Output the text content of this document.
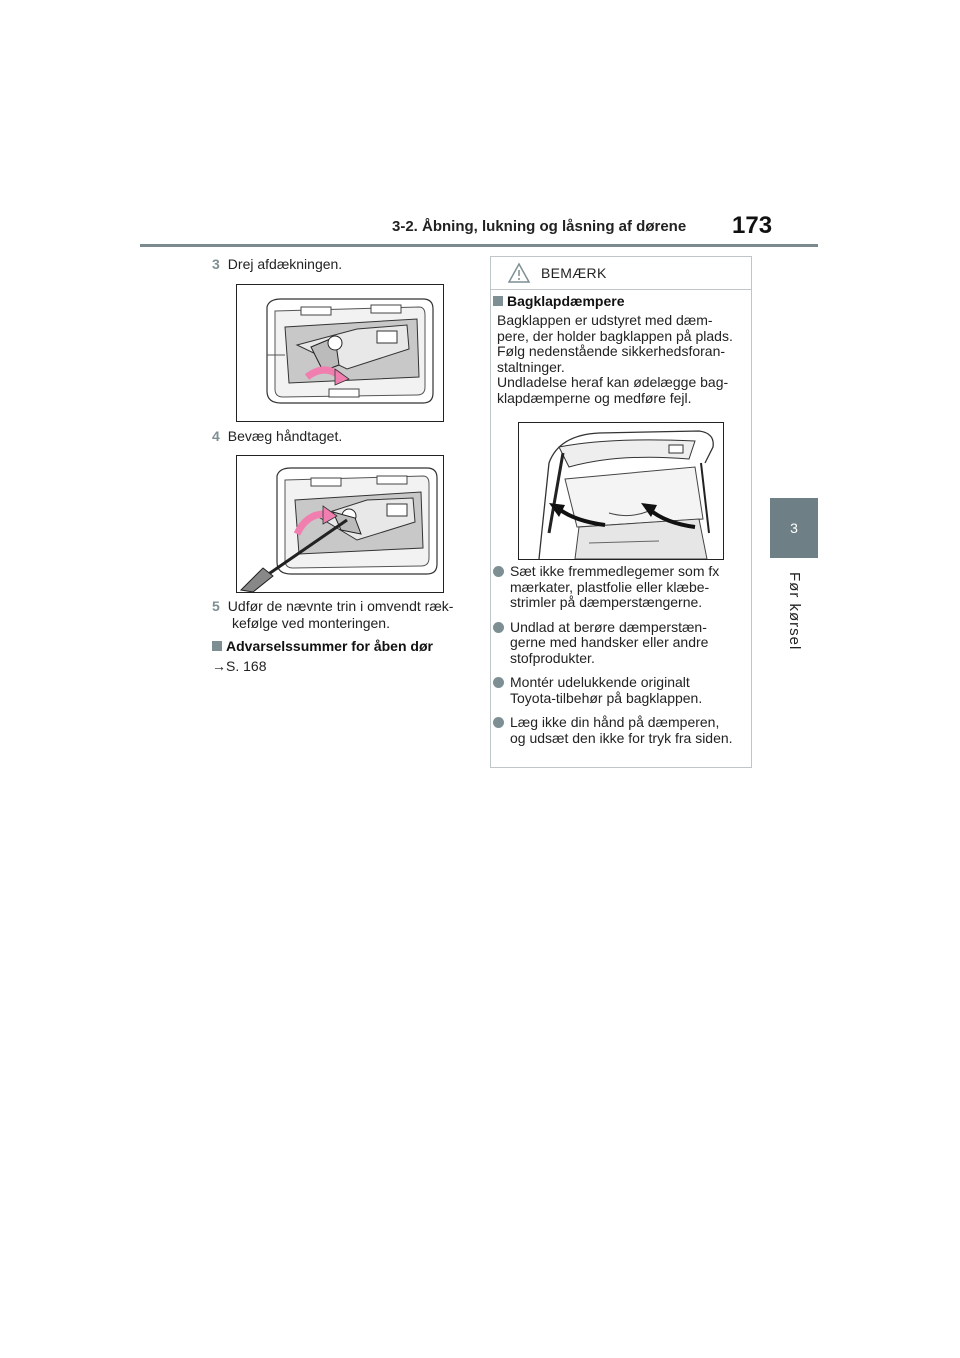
3-2. Åbning, lukning og låsning af dørene 173
3
Før kørsel
3 Drej afdækningen.
4 Bevæg håndtaget.
5 Udfør de nævnte trin i omvendt ræk-
kefølge ved monteringen.
Advarselssummer for åben dør
→S. 168
BEMÆRK
Bagklapdæmpere
Bagklappen er udstyret med dæm-
pere, der holder bagklappen på plads.
Følg nedenstående sikkerhedsforan-
staltninger.
Undladelse heraf kan ødelægge bag-
klapdæmperne og medføre fejl.
Sæt ikke fremmedlegemer som fx
mærkater, plastfolie eller klæbe-
strimler på dæmperstængerne.
Undlad at berøre dæmperstæn-
gerne med handsker eller andre
stofprodukter.
Montér udelukkende originalt
Toyota-tilbehør på bagklappen.
Læg ikke din hånd på dæmperen,
og udsæt den ikke for tryk fra siden.
